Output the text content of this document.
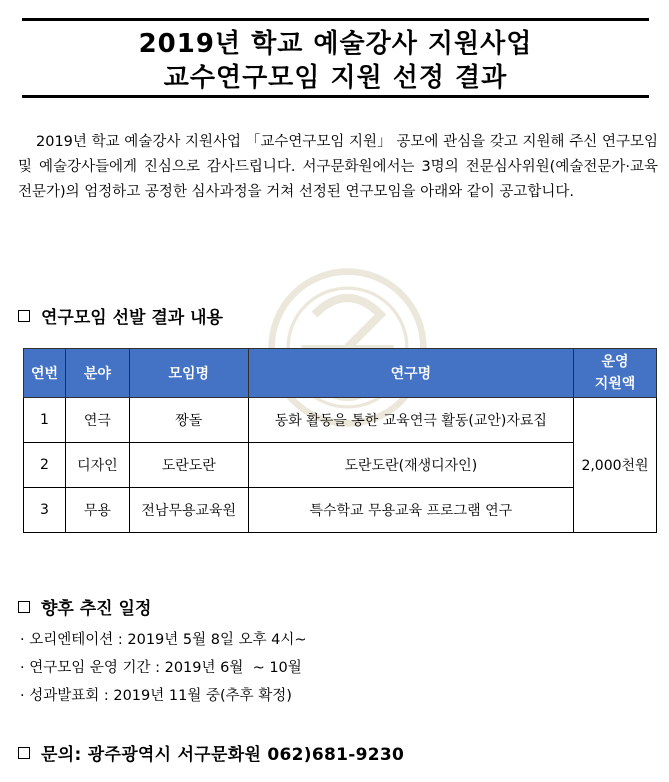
2019년 학교 예술강사 지원사업
교수연구모임 지원 선정 결과
2019년 학교 예술강사 지원사업 「교수연구모임 지원」 공모에 관심을 갖고 지원해 주신 연구모임 및 예술강사들에게 진심으로 감사드립니다. 서구문화원에서는 3명의 전문심사위원(예술전문가·교육전문가)의 엄정하고 공정한 심사과정을 거쳐 선정된 연구모임을 아래와 같이 공고합니다.
연구모임 선발 결과 내용
연번	분야	모임명	연구명	운영
지원액
1	연극	짱돌	동화 활동을 통한 교육연극 활동(교안)자료집	2,000천원
2	디자인	도란도란	도란도란(재생디자인)	
3	무용	전남무용교육원	특수학교 무용교육 프로그램 연구	
향후 추진 일정
· 오리엔테이션 : 2019년 5월 8일 오후 4시~
· 연구모임 운영 기간 : 2019년 6월  ~ 10월
· 성과발표회 : 2019년 11월 중(추후 확정)
문의: 광주광역시 서구문화원 062)681-9230
